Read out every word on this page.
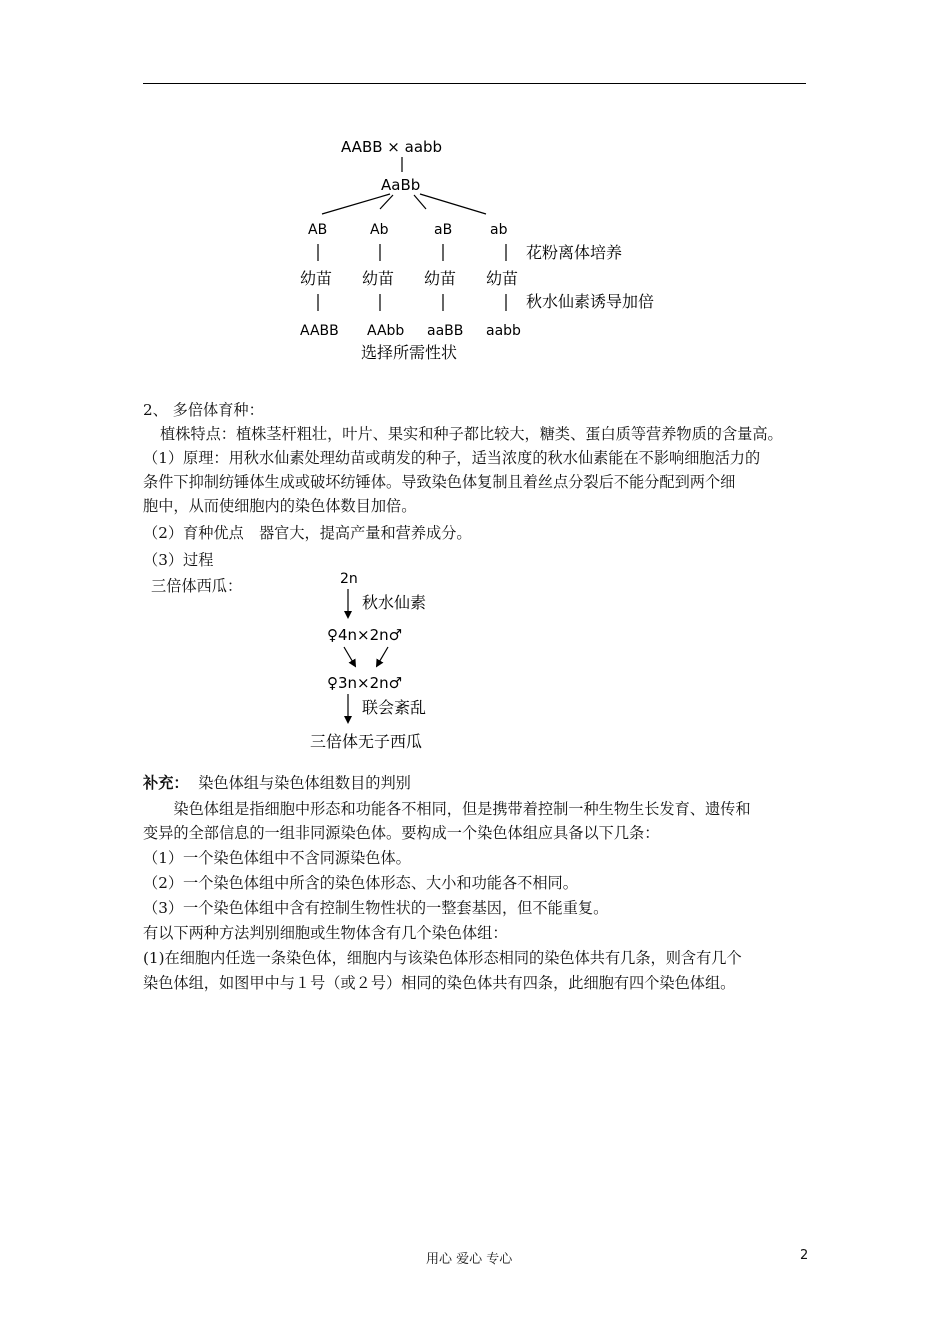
AABB × aabb
AaBb
AB	Ab	aB	ab
花粉离体培养
幼苗 幼苗 幼苗 幼苗
秋水仙素诱导加倍
AABB AAbb aaBB aabb
选择所需性状
2、 多倍体育种：
植株特点：植株茎杆粗壮，叶片、果实和种子都比较大，糖类、蛋白质等营养物质的含量高。
（1）原理：用秋水仙素处理幼苗或萌发的种子，适当浓度的秋水仙素能在不影响细胞活力的
条件下抑制纺锤体生成或破坏纺锤体。导致染色体复制且着丝点分裂后不能分配到两个细
胞中，从而使细胞内的染色体数目加倍。
（2）育种优点　器官大，提高产量和营养成分。
（3）过程
三倍体西瓜：	2n
秋水仙素
♀4n×2n♂
♀3n×2n♂
联会紊乱
三倍体无子西瓜
补充： 染色体组与染色体组数目的判别
　　染色体组是指细胞中形态和功能各不相同，但是携带着控制一种生物生长发育、遗传和
变异的全部信息的一组非同源染色体。要构成一个染色体组应具备以下几条：
（1）一个染色体组中不含同源染色体。
（2）一个染色体组中所含的染色体形态、大小和功能各不相同。
（3）一个染色体组中含有控制生物性状的一整套基因，但不能重复。
有以下两种方法判别细胞或生物体含有几个染色体组：
(1)在细胞内任选一条染色体，细胞内与该染色体形态相同的染色体共有几条，则含有几个
染色体组，如图甲中与１号（或２号）相同的染色体共有四条，此细胞有四个染色体组。
用心 爱心 专心	2
